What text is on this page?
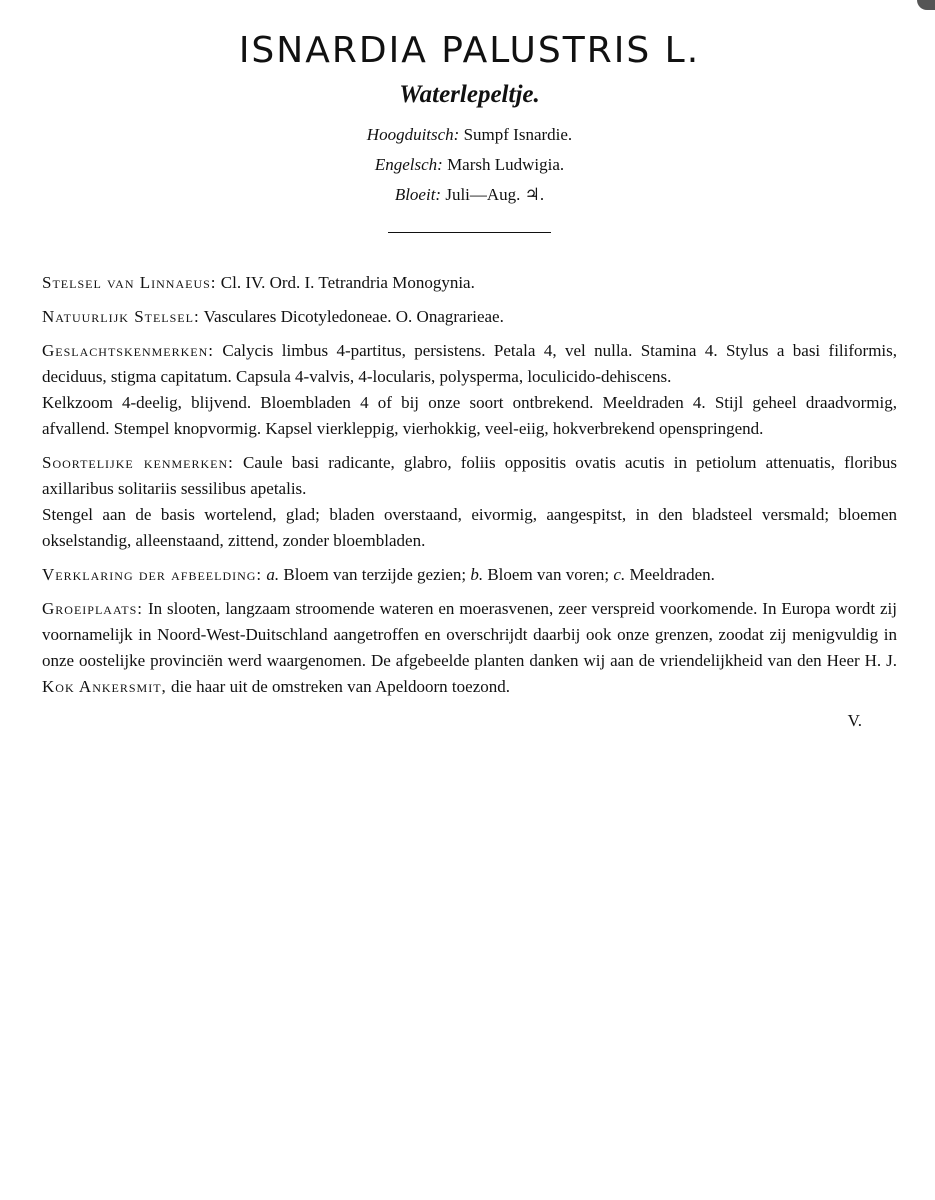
ISNARDIA PALUSTRIS L.
Waterlepeltje.

Hoogduitsch: Sumpf Isnardie.

Engelsch: Marsh Ludwigia.

Bloeit: Juli—Aug. ♃.

Stelsel van Linnaeus: Cl. IV. Ord. I. Tetrandria Monogynia.

Natuurlijk Stelsel: Vasculares Dicotyledoneae. O. Onagrarieae.

Geslachtskenmerken: Calycis limbus 4-partitus, persistens. Petala 4, vel nulla. Stamina 4. Stylus a basi filiformis, deciduus, stigma capitatum. Capsula 4-valvis, 4-locularis, polysperma, loculicido-dehiscens.

Kelkzoom 4-deelig, blijvend. Bloembladen 4 of bij onze soort ontbrekend. Meeldraden 4. Stijl geheel draadvormig, afvallend. Stempel knopvormig. Kapsel vierkleppig, vierhokkig, veel-eiig, hokverbrekend openspringend.

Soortelijke kenmerken: Caule basi radicante, glabro, foliis oppositis ovatis acutis in petiolum attenuatis, floribus axillaribus solitariis sessilibus apetalis.

Stengel aan de basis wortelend, glad; bladen overstaand, eivormig, aangespitst, in den bladsteel versmald; bloemen okselstandig, alleenstaand, zittend, zonder bloembladen.

Verklaring der afbeelding: a. Bloem van terzijde gezien; b. Bloem van voren; c. Meeldraden.

Groeiplaats: In slooten, langzaam stroomende wateren en moerasvenen, zeer verspreid voorkomende. In Europa wordt zij voornamelijk in Noord-West-Duitschland aangetroffen en overschrijdt daarbij ook onze grenzen, zoodat zij menigvuldig in onze oostelijke provinciën werd waargenomen. De afgebeelde planten danken wij aan de vriendelijkheid van den Heer H. J. Kok Ankersmit, die haar uit de omstreken van Apeldoorn toezond.

V.
